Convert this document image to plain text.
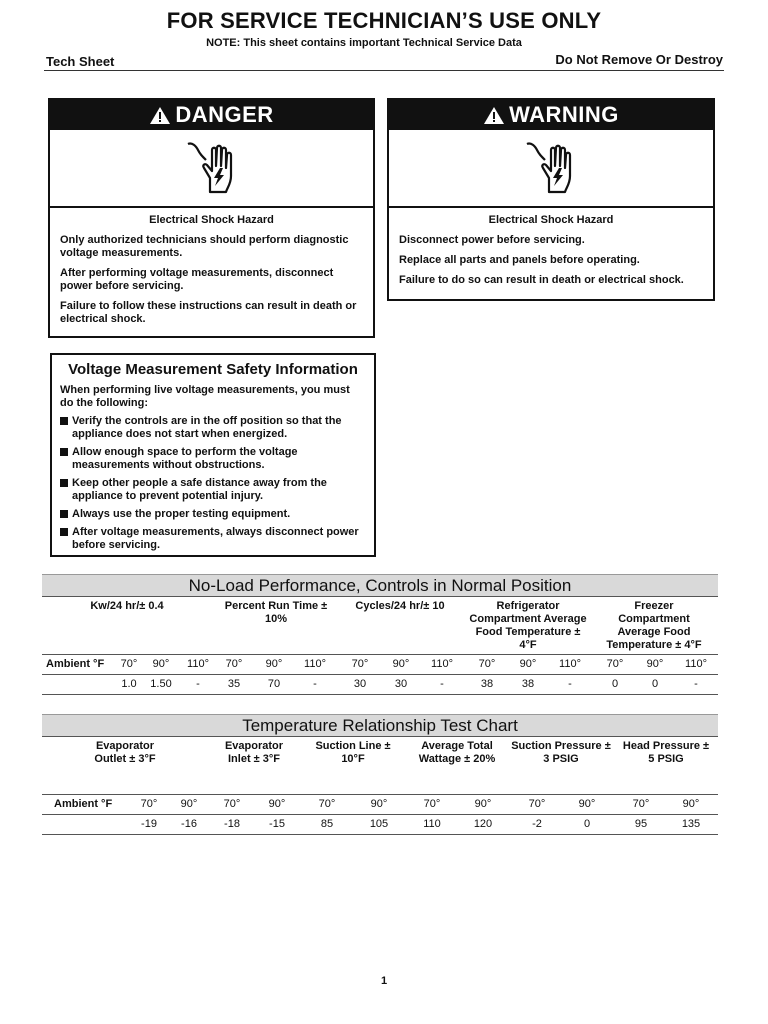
FOR SERVICE TECHNICIAN’S USE ONLY
NOTE: This sheet contains important Technical Service Data
Tech Sheet	Do Not Remove Or Destroy
DANGER
Electrical Shock Hazard

Only authorized technicians should perform diagnostic voltage measurements.

After performing voltage measurements, disconnect power before servicing.

Failure to follow these instructions can result in death or electrical shock.

WARNING
Electrical Shock Hazard

Disconnect power before servicing.

Replace all parts and panels before operating.

Failure to do so can result in death or electrical shock.

Voltage Measurement Safety Information
When performing live voltage measurements, you must do the following:
Verify the controls are in the off position so that the appliance does not start when energized.
Allow enough space to perform the voltage measurements without obstructions.
Keep other people a safe distance away from the appliance to prevent potential injury.
Always use the proper testing equipment.
After voltage measurements, always disconnect power before servicing.
No-Load Performance, Controls in Normal Position
Kw/24 hr/± 0.4	Percent Run Time ± 10%
Cycles/24 hr/± 10	Refrigerator Compartment Average Food Temperature ± 4°F
Freezer Compartment Average Food Temperature ± 4°F
Ambient °F	70°	90°	110°	70°	90°	110°	70°	90°	110°	70°	90°	110°	70°	90°	110°
1.0	1.50	-	35	70	-	30	30	-	38	38	-	0	0	-
Temperature Relationship Test Chart
Evaporator Outlet ± 3°F
Evaporator Inlet ± 3°F
Suction Line ± 10°F
Average Total Wattage ± 20%
Suction Pressure ± 3 PSIG
Head Pressure ± 5 PSIG
Ambient °F	70°	90°	70°	90°	70°	90°	70°	90°	70°	90°	70°	90°
-19	-16	-18	-15	85	105	110	120	-2	0	95	135
1
